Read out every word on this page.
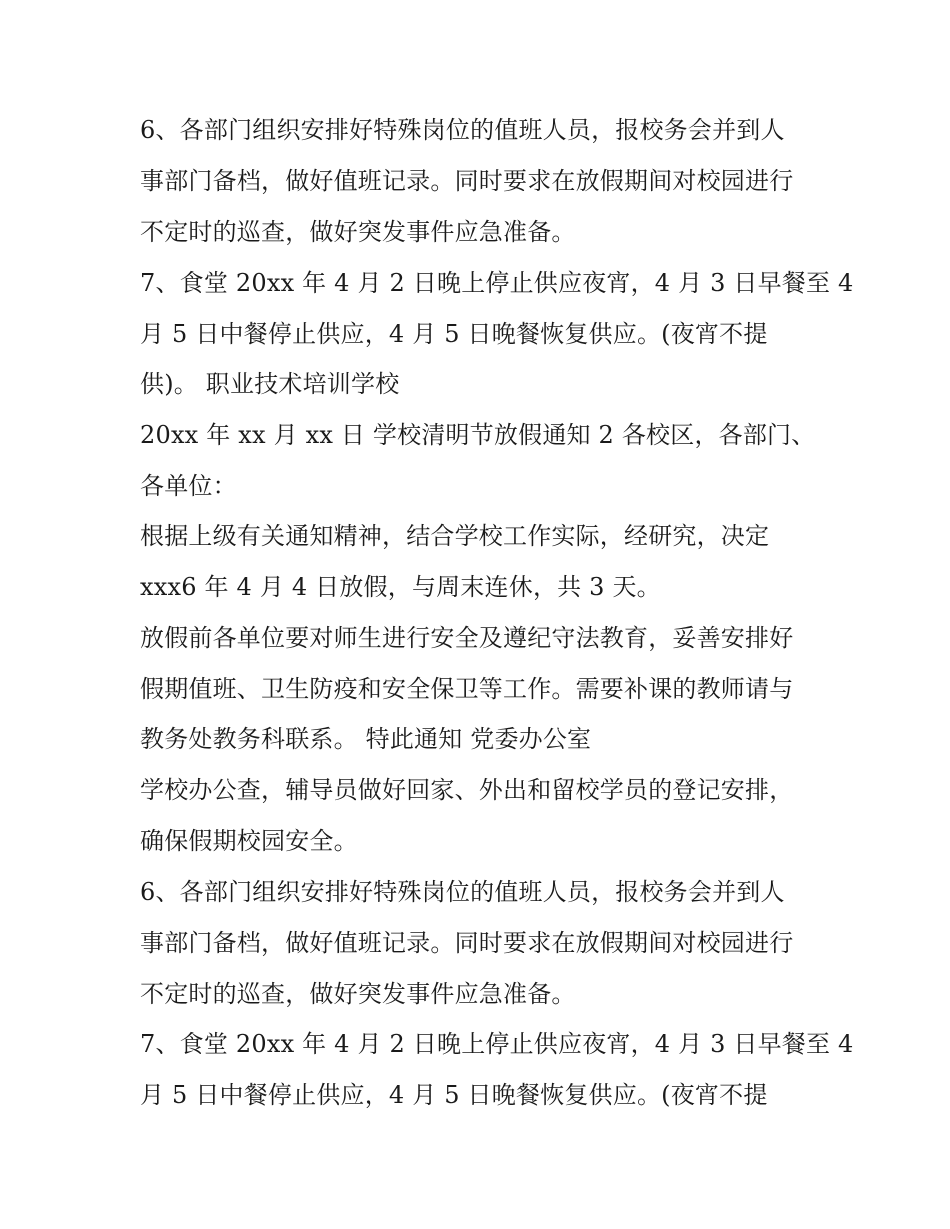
6、各部门组织安排好特殊岗位的值班人员，报校务会并到人
事部门备档，做好值班记录。同时要求在放假期间对校园进行
不定时的巡查，做好突发事件应急准备。
7、食堂 20xx 年 4 月 2 日晚上停止供应夜宵，4 月 3 日早餐至 4
月 5 日中餐停止供应，4 月 5 日晚餐恢复供应。(夜宵不提
供)。 职业技术培训学校
20xx 年 xx 月 xx 日 学校清明节放假通知 2 各校区，各部门、
各单位：
根据上级有关通知精神，结合学校工作实际，经研究，决定
xxx6 年 4 月 4 日放假，与周末连休，共 3 天。
放假前各单位要对师生进行安全及遵纪守法教育，妥善安排好
假期值班、卫生防疫和安全保卫等工作。需要补课的教师请与
教务处教务科联系。 特此通知 党委办公室
学校办公查，辅导员做好回家、外出和留校学员的登记安排，
确保假期校园安全。
6、各部门组织安排好特殊岗位的值班人员，报校务会并到人
事部门备档，做好值班记录。同时要求在放假期间对校园进行
不定时的巡查，做好突发事件应急准备。
7、食堂 20xx 年 4 月 2 日晚上停止供应夜宵，4 月 3 日早餐至 4
月 5 日中餐停止供应，4 月 5 日晚餐恢复供应。(夜宵不提
